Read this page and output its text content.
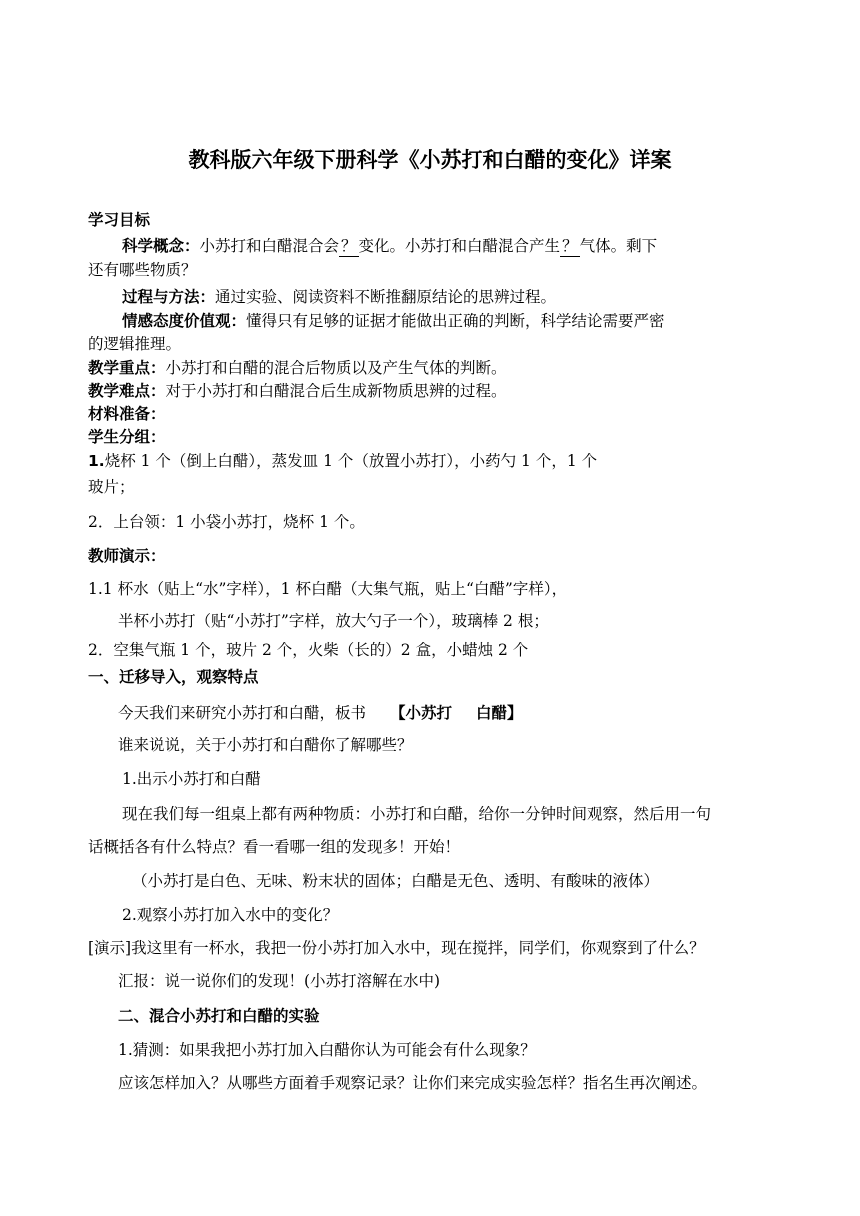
教科版六年级下册科学《小苏打和白醋的变化》详案
学习目标
科学概念：小苏打和白醋混合会 ？ 变化。小苏打和白醋混合产生 ？ 气体。剩下
还有哪些物质？
过程与方法：通过实验、阅读资料不断推翻原结论的思辨过程。
情感态度价值观：懂得只有足够的证据才能做出正确的判断，科学结论需要严密
的逻辑推理。
教学重点：小苏打和白醋的混合后物质以及产生气体的判断。
教学难点：对于小苏打和白醋混合后生成新物质思辨的过程。
材料准备：
学生分组：
1.烧杯 1 个（倒上白醋），蒸发皿 1 个（放置小苏打），小药勺 1 个，1 个
玻片；
2．上台领：1 小袋小苏打，烧杯 1 个。
教师演示：
1.1 杯水（贴上“水”字样），1 杯白醋（大集气瓶，贴上“白醋”字样），
半杯小苏打（贴“小苏打”字样，放大勺子一个），玻璃棒 2 根；
2．空集气瓶 1 个，玻片 2 个，火柴（长的）2 盒，小蜡烛 2 个
一、迁移导入，观察特点
今天我们来研究小苏打和白醋，板书 【小苏打 白醋】
谁来说说，关于小苏打和白醋你了解哪些？
1.出示小苏打和白醋
现在我们每一组桌上都有两种物质：小苏打和白醋，给你一分钟时间观察，然后用一句
话概括各有什么特点？看一看哪一组的发现多！开始！
（小苏打是白色、无味、粉末状的固体；白醋是无色、透明、有酸味的液体）
2.观察小苏打加入水中的变化？
[演示]我这里有一杯水，我把一份小苏打加入水中，现在搅拌，同学们，你观察到了什么？
汇报：说一说你们的发现！(小苏打溶解在水中)
二、混合小苏打和白醋的实验
1.猜测：如果我把小苏打加入白醋你认为可能会有什么现象？
应该怎样加入？从哪些方面着手观察记录？让你们来完成实验怎样？指名生再次阐述。
